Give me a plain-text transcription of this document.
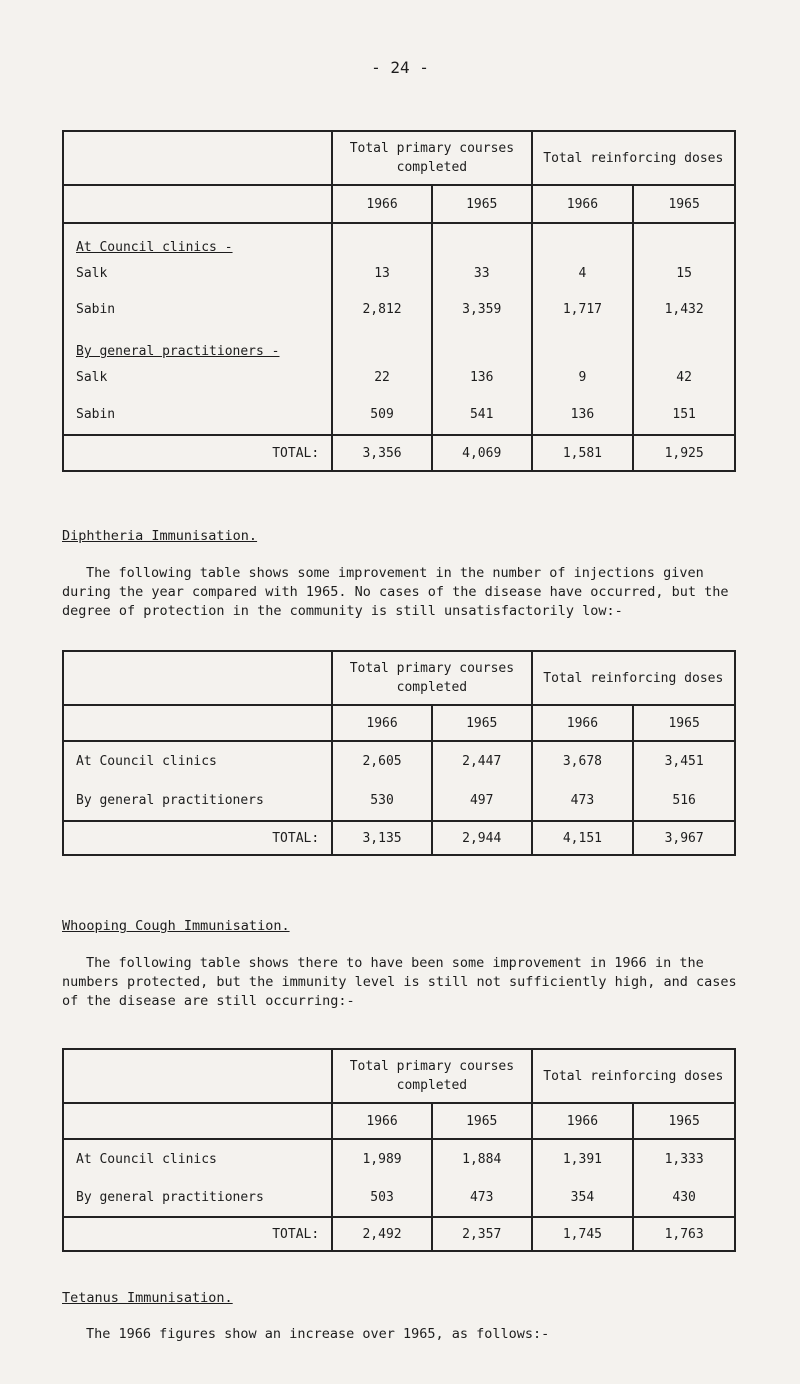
- 24 -
	Total primary courses completed		Total reinforcing doses	
	1966	1965	1966	1965
At Council clinics -				
Salk	13	33	4	15
Sabin	2,812	3,359	1,717	1,432
By general practitioners -				
Salk	22	136	9	42
Sabin	509	541	136	151
TOTAL:	3,356	4,069	1,581	1,925
Diphtheria Immunisation.

The following table shows some improvement in the number of injections given during the year compared with 1965. No cases of the disease have occurred, but the degree of protection in the community is still unsatisfactorily low:-

	Total primary courses completed		Total reinforcing doses	
	1966	1965	1966	1965
At Council clinics	2,605	2,447	3,678	3,451
By general practitioners	530	497	473	516
TOTAL:	3,135	2,944	4,151	3,967
Whooping Cough Immunisation.

The following table shows there to have been some improvement in 1966 in the numbers protected, but the immunity level is still not sufficiently high, and cases of the disease are still occurring:-

	Total primary courses completed		Total reinforcing doses	
	1966	1965	1966	1965
At Council clinics	1,989	1,884	1,391	1,333
By general practitioners	503	473	354	430
TOTAL:	2,492	2,357	1,745	1,763
Tetanus Immunisation.

The 1966 figures show an increase over 1965, as follows:-
